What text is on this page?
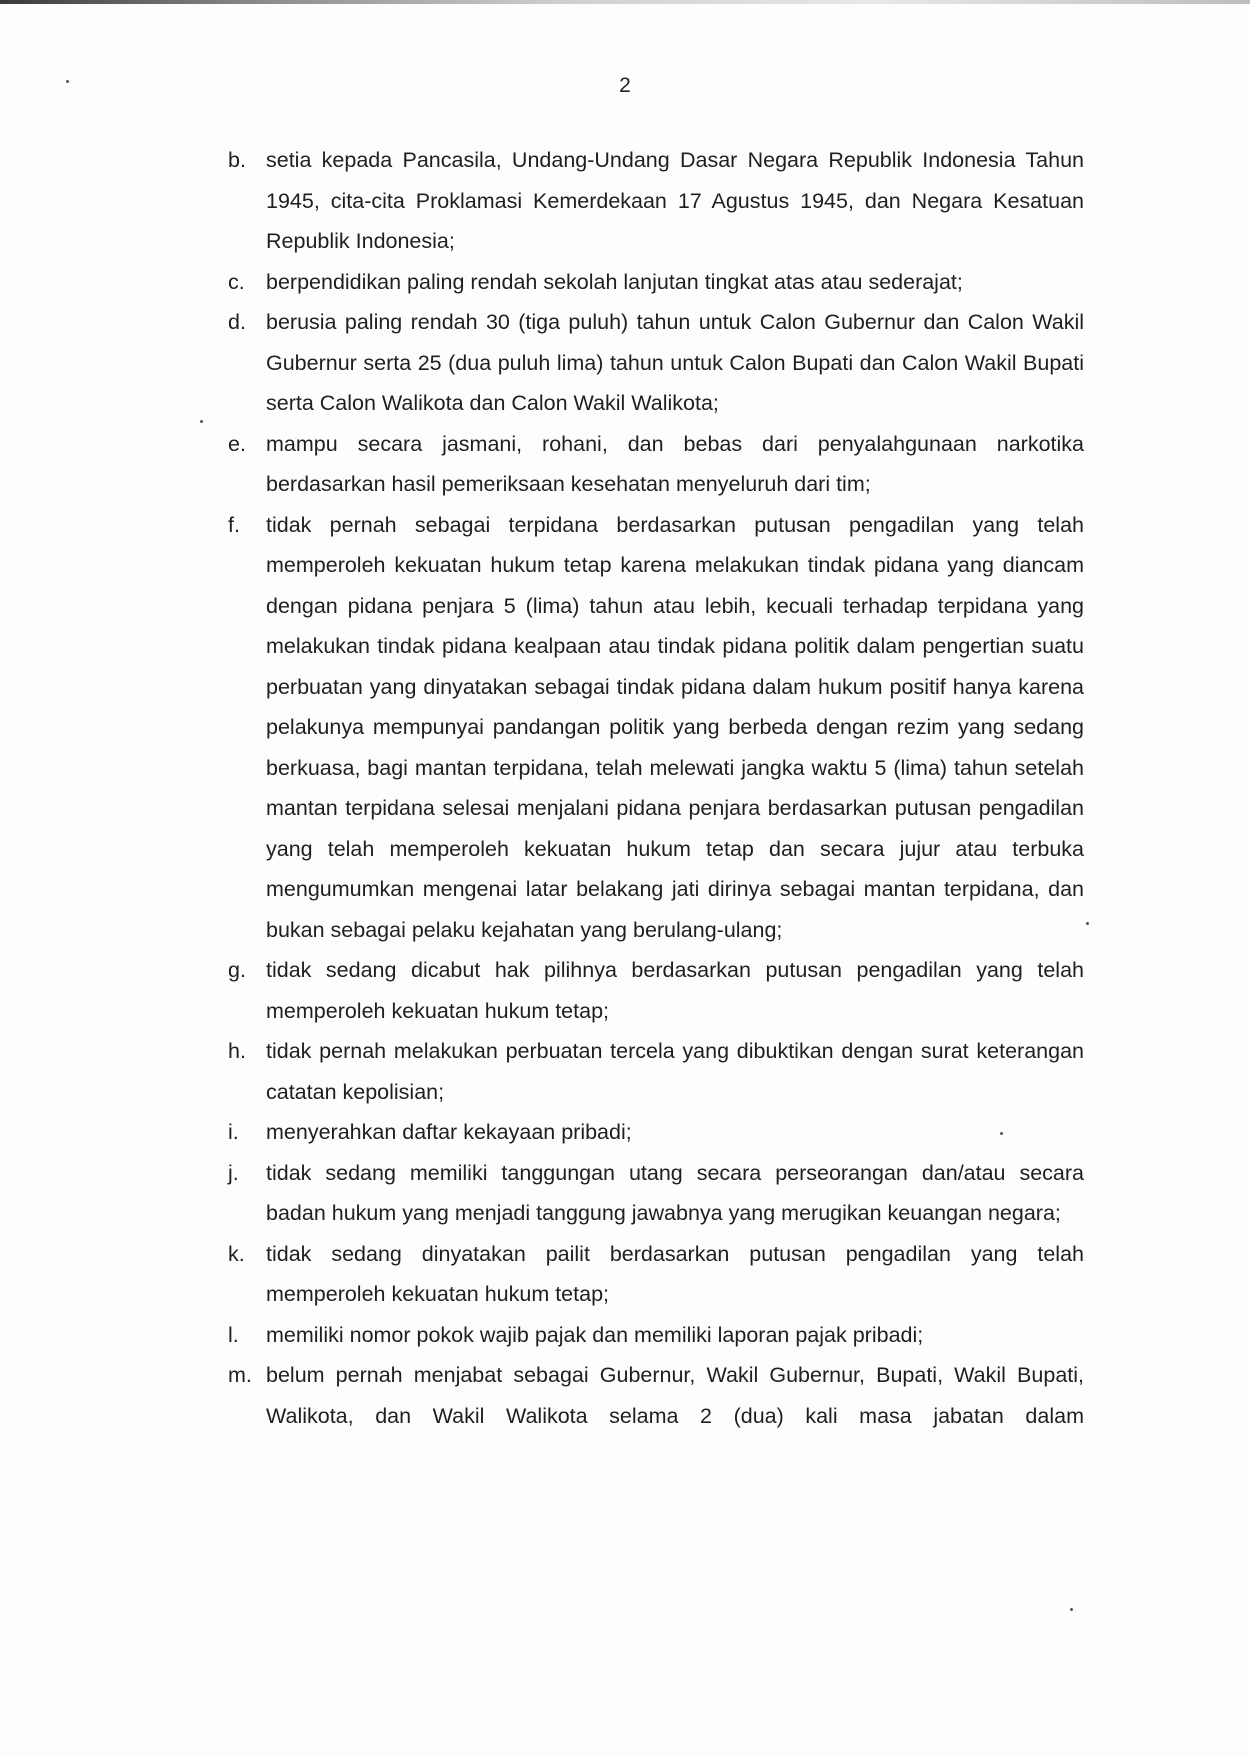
2
b. setia kepada Pancasila, Undang-Undang Dasar Negara Republik Indonesia Tahun 1945, cita-cita Proklamasi Kemerdekaan 17 Agustus 1945, dan Negara Kesatuan Republik Indonesia;
c. berpendidikan paling rendah sekolah lanjutan tingkat atas atau sederajat;
d. berusia paling rendah 30 (tiga puluh) tahun untuk Calon Gubernur dan Calon Wakil Gubernur serta 25 (dua puluh lima) tahun untuk Calon Bupati dan Calon Wakil Bupati serta Calon Walikota dan Calon Wakil Walikota;
e. mampu secara jasmani, rohani, dan bebas dari penyalahgunaan narkotika berdasarkan hasil pemeriksaan kesehatan menyeluruh dari tim;
f.	tidak pernah sebagai terpidana berdasarkan putusan pengadilan yang telah memperoleh kekuatan hukum tetap karena melakukan tindak pidana yang diancam dengan pidana penjara 5 (lima) tahun atau lebih, kecuali terhadap terpidana yang melakukan tindak pidana kealpaan atau tindak pidana politik dalam pengertian suatu perbuatan yang dinyatakan sebagai tindak pidana dalam hukum positif hanya karena pelakunya mempunyai pandangan politik yang berbeda dengan rezim yang sedang berkuasa, bagi mantan terpidana, telah melewati jangka waktu 5 (lima) tahun setelah mantan terpidana selesai menjalani pidana penjara berdasarkan putusan pengadilan yang telah memperoleh kekuatan hukum tetap dan secara jujur atau terbuka mengumumkan mengenai latar belakang jati dirinya sebagai mantan terpidana, dan bukan sebagai pelaku kejahatan yang berulang-ulang;
g. tidak sedang dicabut hak pilihnya berdasarkan putusan pengadilan yang telah memperoleh kekuatan hukum tetap;
h. tidak pernah melakukan perbuatan tercela yang dibuktikan dengan surat keterangan catatan kepolisian;
i.	menyerahkan daftar kekayaan pribadi;
j.	tidak sedang memiliki tanggungan utang secara perseorangan dan/atau secara badan hukum yang menjadi tanggung jawabnya yang merugikan keuangan negara;
k. tidak sedang dinyatakan pailit berdasarkan putusan pengadilan yang telah memperoleh kekuatan hukum tetap;
l.	memiliki nomor pokok wajib pajak dan memiliki laporan pajak pribadi;
m. belum pernah menjabat sebagai Gubernur, Wakil Gubernur, Bupati, Wakil Bupati, Walikota, dan Wakil Walikota selama 2 (dua) kali masa jabatan dalam
